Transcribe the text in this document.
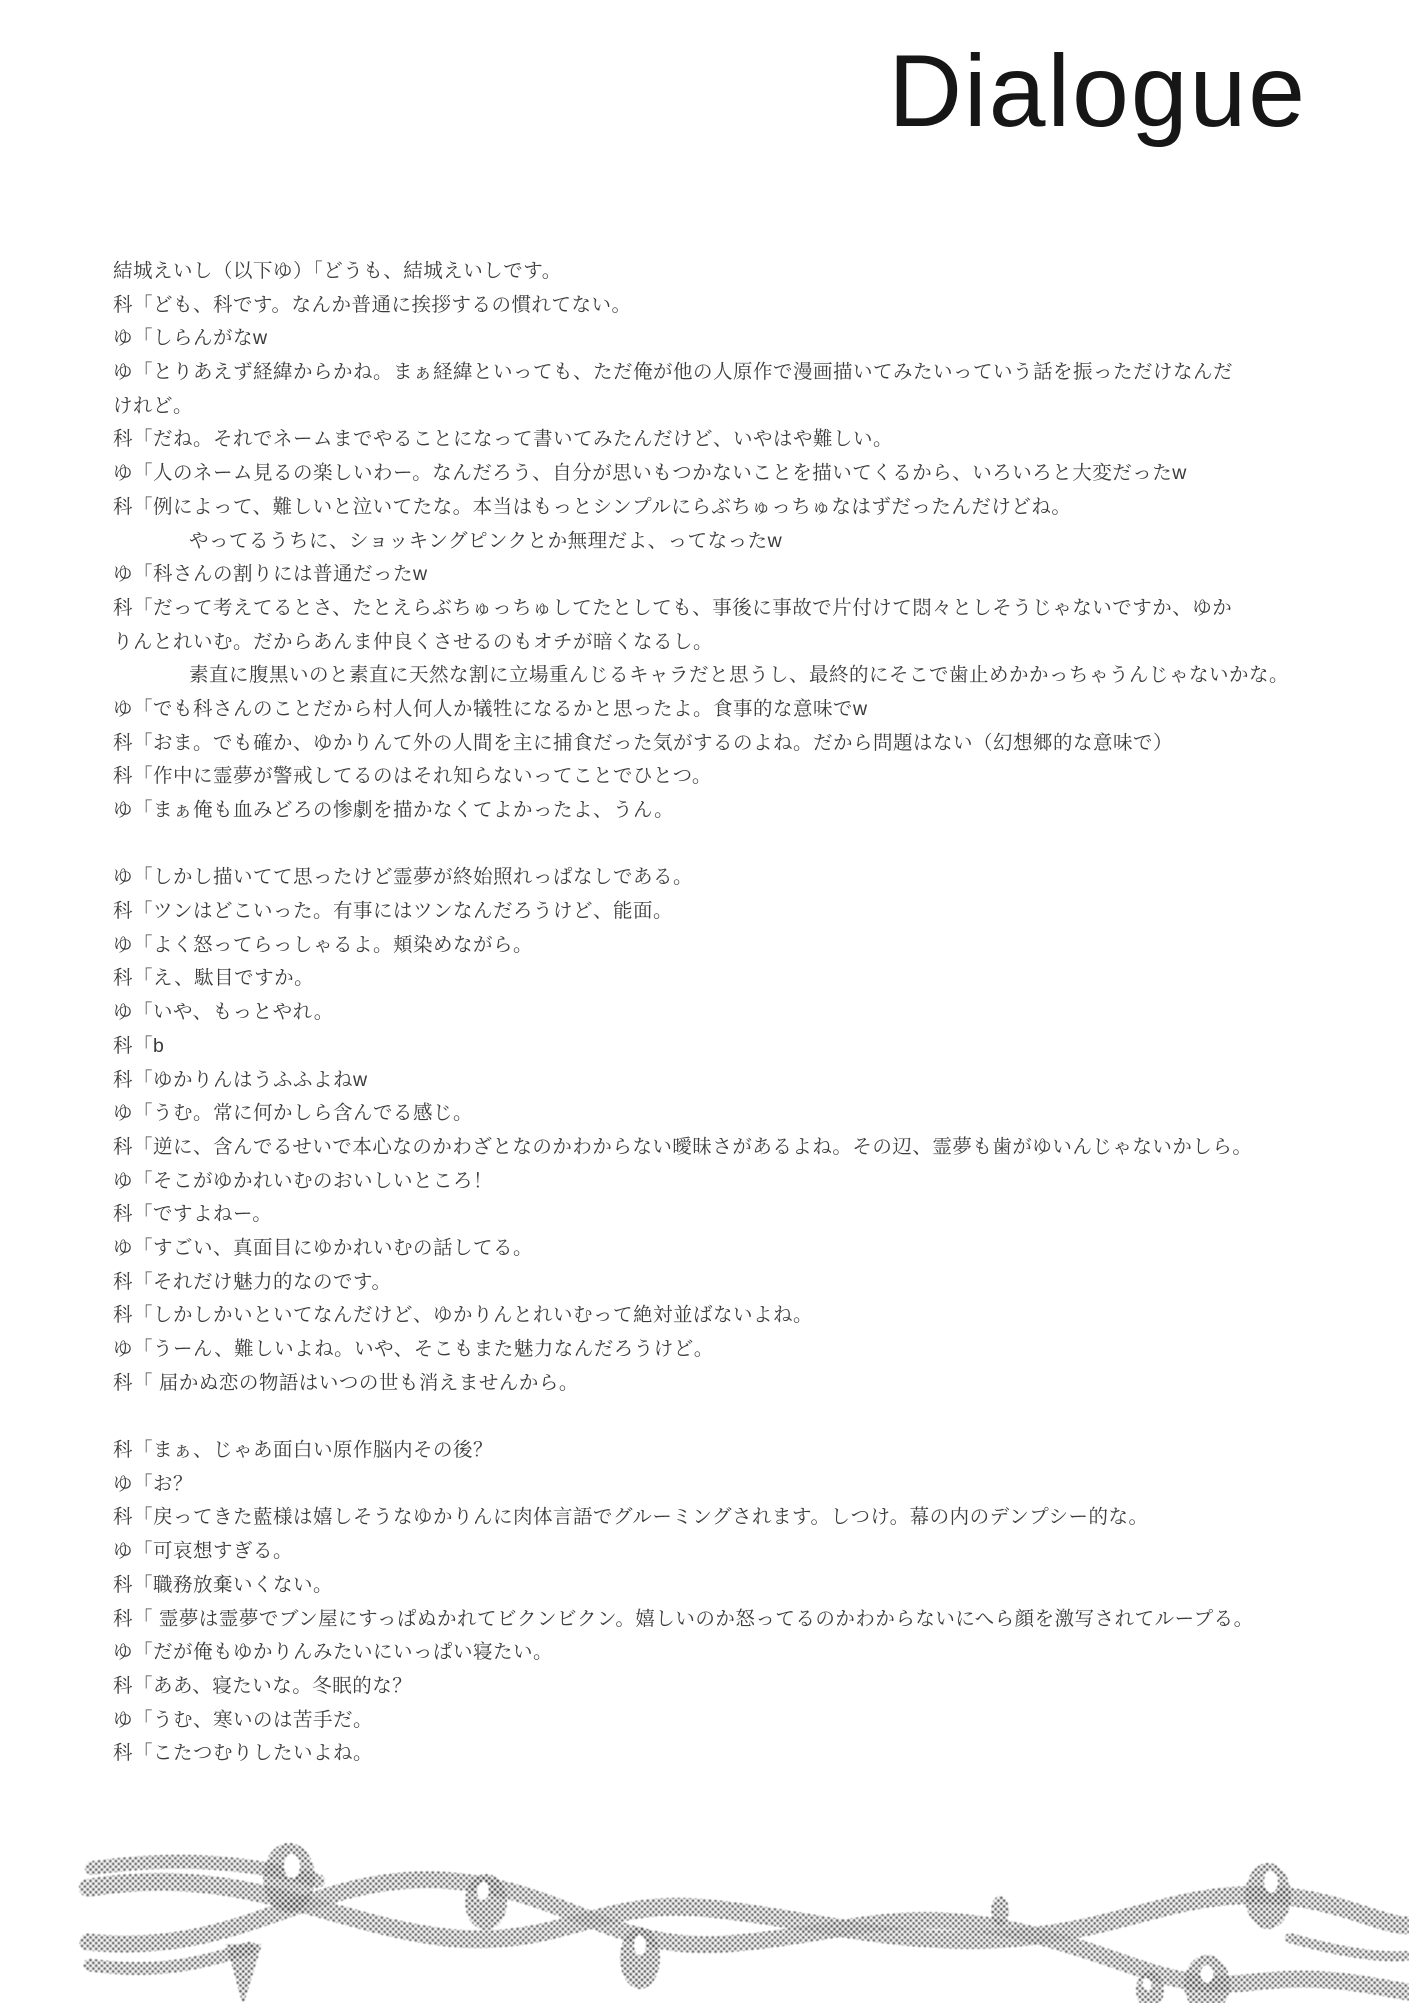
Dialogue
結城えいし（以下ゆ）「どうも、結城えいしです。
科「ども、科です。なんか普通に挨拶するの慣れてない。
ゆ「しらんがなw
ゆ「とりあえず経緯からかね。まぁ経緯といっても、ただ俺が他の人原作で漫画描いてみたいっていう話を振っただけなんだ
けれど。
科「だね。それでネームまでやることになって書いてみたんだけど、いやはや難しい。
ゆ「人のネーム見るの楽しいわー。なんだろう、自分が思いもつかないことを描いてくるから、いろいろと大変だったw
科「例によって、難しいと泣いてたな。本当はもっとシンプルにらぶちゅっちゅなはずだったんだけどね。
やってるうちに、ショッキングピンクとか無理だよ、ってなったw
ゆ「科さんの割りには普通だったw
科「だって考えてるとさ、たとえらぶちゅっちゅしてたとしても、事後に事故で片付けて悶々としそうじゃないですか、ゆか
りんとれいむ。だからあんま仲良くさせるのもオチが暗くなるし。
素直に腹黒いのと素直に天然な割に立場重んじるキャラだと思うし、最終的にそこで歯止めかかっちゃうんじゃないかな。
ゆ「でも科さんのことだから村人何人か犠牲になるかと思ったよ。食事的な意味でw
科「おま。でも確か、ゆかりんて外の人間を主に捕食だった気がするのよね。だから問題はない（幻想郷的な意味で）
科「作中に霊夢が警戒してるのはそれ知らないってことでひとつ。
ゆ「まぁ俺も血みどろの惨劇を描かなくてよかったよ、うん。

ゆ「しかし描いてて思ったけど霊夢が終始照れっぱなしである。
科「ツンはどこいった。有事にはツンなんだろうけど、能面。
ゆ「よく怒ってらっしゃるよ。頬染めながら。
科「え、駄目ですか。
ゆ「いや、もっとやれ。
科「b
科「ゆかりんはうふふよねw
ゆ「うむ。常に何かしら含んでる感じ。
科「逆に、含んでるせいで本心なのかわざとなのかわからない曖昧さがあるよね。その辺、霊夢も歯がゆいんじゃないかしら。
ゆ「そこがゆかれいむのおいしいところ！
科「ですよねー。
ゆ「すごい、真面目にゆかれいむの話してる。
科「それだけ魅力的なのです。
科「しかしかいといてなんだけど、ゆかりんとれいむって絶対並ばないよね。
ゆ「うーん、難しいよね。いや、そこもまた魅力なんだろうけど。
科「 届かぬ恋の物語はいつの世も消えませんから。

科「まぁ、じゃあ面白い原作脳内その後？
ゆ「お？
科「戻ってきた藍様は嬉しそうなゆかりんに肉体言語でグルーミングされます。しつけ。幕の内のデンプシー的な。
ゆ「可哀想すぎる。
科「職務放棄いくない。
科「 霊夢は霊夢でブン屋にすっぱぬかれてビクンビクン。嬉しいのか怒ってるのかわからないにへら顔を激写されてループる。
ゆ「だが俺もゆかりんみたいにいっぱい寝たい。
科「ああ、寝たいな。冬眠的な？
ゆ「うむ、寒いのは苦手だ。
科「こたつむりしたいよね。
